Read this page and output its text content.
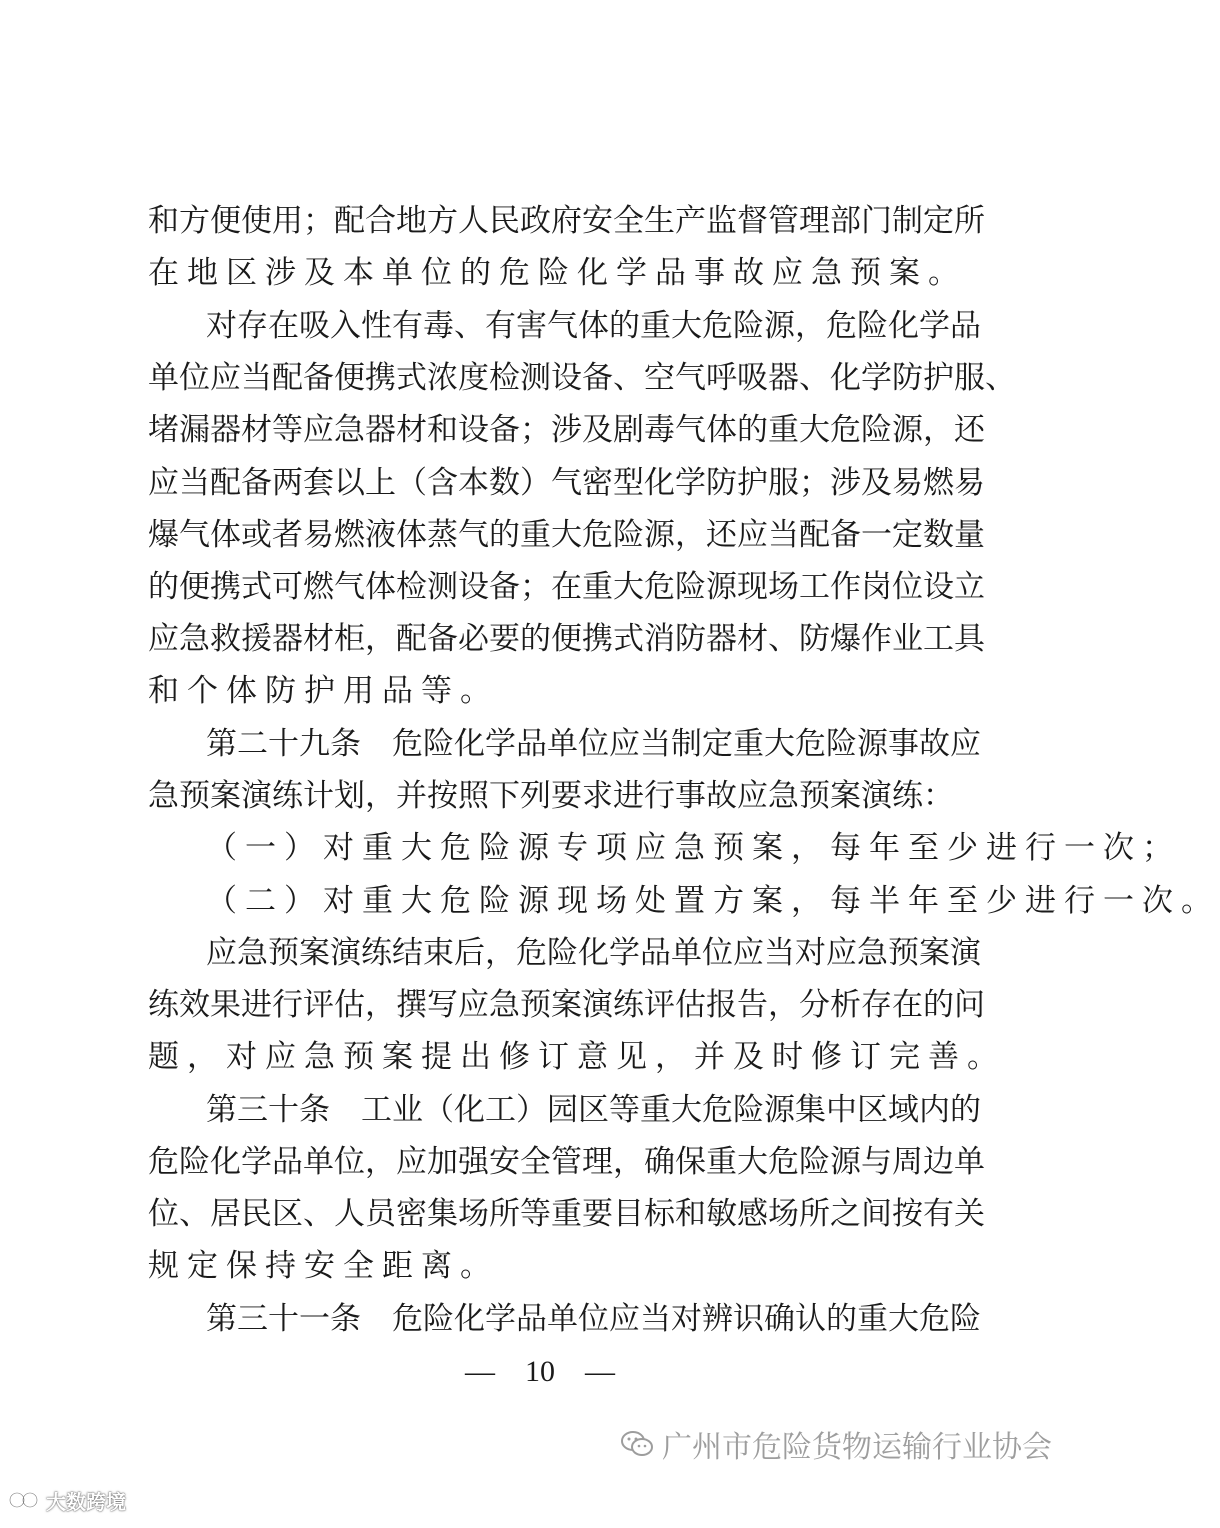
和方便使用；配合地方人民政府安全生产监督管理部门制定所
在地区涉及本单位的危险化学品事故应急预案。
对存在吸入性有毒、有害气体的重大危险源，危险化学品
单位应当配备便携式浓度检测设备、空气呼吸器、化学防护服、
堵漏器材等应急器材和设备；涉及剧毒气体的重大危险源，还
应当配备两套以上（含本数）气密型化学防护服；涉及易燃易
爆气体或者易燃液体蒸气的重大危险源，还应当配备一定数量
的便携式可燃气体检测设备；在重大危险源现场工作岗位设立
应急救援器材柜，配备必要的便携式消防器材、防爆作业工具
和个体防护用品等。
第二十九条　危险化学品单位应当制定重大危险源事故应
急预案演练计划，并按照下列要求进行事故应急预案演练：
（一）对重大危险源专项应急预案，每年至少进行一次；
（二）对重大危险源现场处置方案，每半年至少进行一次。
应急预案演练结束后，危险化学品单位应当对应急预案演
练效果进行评估，撰写应急预案演练评估报告，分析存在的问
题，对应急预案提出修订意见，并及时修订完善。
第三十条　工业（化工）园区等重大危险源集中区域内的
危险化学品单位，应加强安全管理，确保重大危险源与周边单
位、居民区、人员密集场所等重要目标和敏感场所之间按有关
规定保持安全距离。
第三十一条　危险化学品单位应当对辨识确认的重大危险
—　10　—
广州市危险货物运输行业协会
大数跨境
